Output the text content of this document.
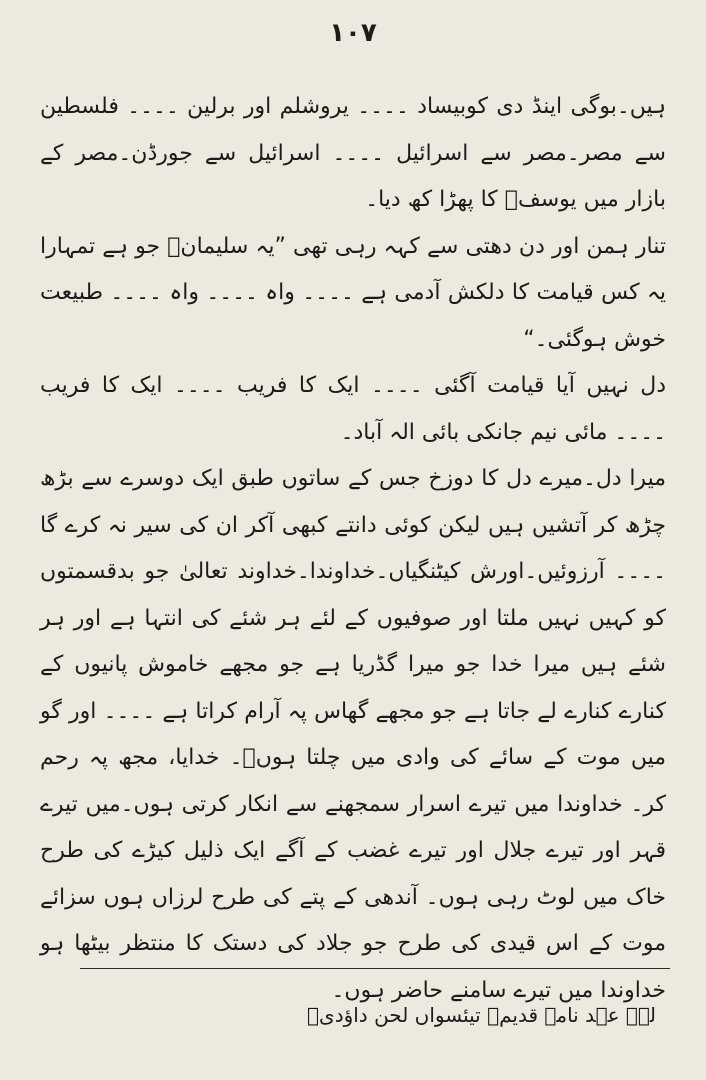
۱۰۷

ہیں۔بوگی اینڈ دی کوبیساد ۔۔۔۔ یروشلم اور برلین ۔۔۔۔ فلسطین سے مصر۔مصر سے اسرائیل ۔۔۔۔ اسرائیل سے جورڈن۔مصر کے بازار میں یوسفؑ کا پھڑا کھ دیا۔

تنار ہمن اور دن دھتی سے کہہ رہی تھی ”یہ سلیمانؑ جو ہے تمہارا یہ کس قیامت کا دلکش آدمی ہے ۔۔۔۔ واہ ۔۔۔۔ واہ ۔۔۔۔ طبیعت خوش ہوگئی۔“

دل نہیں آیا قیامت آگئی ۔۔۔۔ ایک کا فریب ۔۔۔۔ ایک کا فریب ۔۔۔۔ مائی نیم جانکی بائی الہ آباد۔

میرا دل۔میرے دل کا دوزخ جس کے ساتوں طبق ایک دوسرے سے بڑھ چڑھ کر آتشیں ہیں لیکن کوئی دانتے کبھی آکر ان کی سیر نہ کرے گا ۔۔۔۔ آرزوئیں۔اورش کیٹنگیاں۔خداوندا۔خداوند تعالیٰ جو بدقسمتوں کو کہیں نہیں ملتا اور صوفیوں کے لئے ہر شئے کی انتہا ہے اور ہر شئے ہیں میرا خدا جو میرا گڈریا ہے جو مجھے خاموش پانیوں کے کنارے کنارے لے جاتا ہے جو مجھے گھاس پہ آرام کراتا ہے ۔۔۔۔ اور گو میں موت کے سائے کی وادی میں چلتا ہوںؒ۔ خدایا، مجھ پہ رحم کر۔ خداوندا میں تیرے اسرار سمجھنے سے انکار کرتی ہوں۔میں تیرے قہر اور تیرے جلال اور تیرے غضب کے آگے ایک ذلیل کیڑے کی طرح خاک میں لوٹ رہی ہوں۔ آندھی کے پتے کی طرح لرزاں ہوں سزائے موت کے اس قیدی کی طرح جو جلاد کی دستک کا منتظر بیٹھا ہو خداوندا میں تیرے سامنے حاضر ہوں۔

لہ۔ عہد نامہ قدیم۔ تیئسواں لحن داؤدیؑ
